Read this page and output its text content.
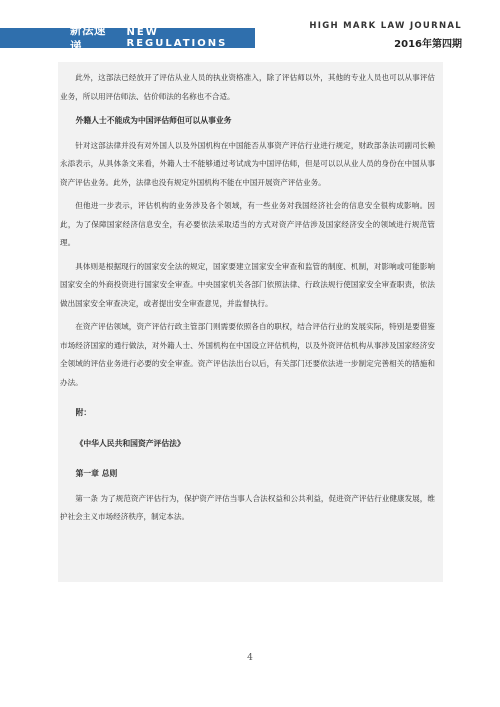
新法速递
NEW REGULATIONS
HIGH MARK LAW JOURNAL
2016年第四期

此外，这部法已经放开了评估从业人员的执业资格准入，除了评估师以外，其他的专业人员也可以从事评估业务，所以用评估师法、估价师法的名称也不合适。

外籍人士不能成为中国评估师但可以从事业务

针对这部法律并没有对外国人以及外国机构在中国能否从事资产评估行业进行规定，财政部条法司副司长赖永添表示，从具体条文来看，外籍人士不能够通过考试成为中国评估师，但是可以以从业人员的身份在中国从事资产评估业务。此外，法律也没有规定外国机构不能在中国开展资产评估业务。

但他进一步表示，评估机构的业务涉及各个领域，有一些业务对我国经济社会的信息安全很构成影响。因此，为了保障国家经济信息安全，有必要依法采取适当的方式对资产评估涉及国家经济安全的领域进行规范管理。

具体则是根据现行的国家安全法的规定，国家要建立国家安全审查和监管的制度、机制，对影响或可能影响国家安全的外商投资进行国家安全审查。中央国家机关各部门依照法律、行政法规行使国家安全审查职责，依法做出国家安全审查决定，或者提出安全审查意见，并监督执行。

在资产评估领域，资产评估行政主管部门则需要依照各自的职权，结合评估行业的发展实际，特别是要借鉴市场经济国家的通行做法，对外籍人士、外国机构在中国设立评估机构，以及外资评估机构从事涉及国家经济安全领域的评估业务进行必要的安全审查。资产评估法出台以后，有关部门还要依法进一步制定完善相关的措施和办法。

附：

《中华人民共和国资产评估法》

第一章 总则

第一条 为了规范资产评估行为，保护资产评估当事人合法权益和公共利益，促进资产评估行业健康发展，维护社会主义市场经济秩序，制定本法。

4
